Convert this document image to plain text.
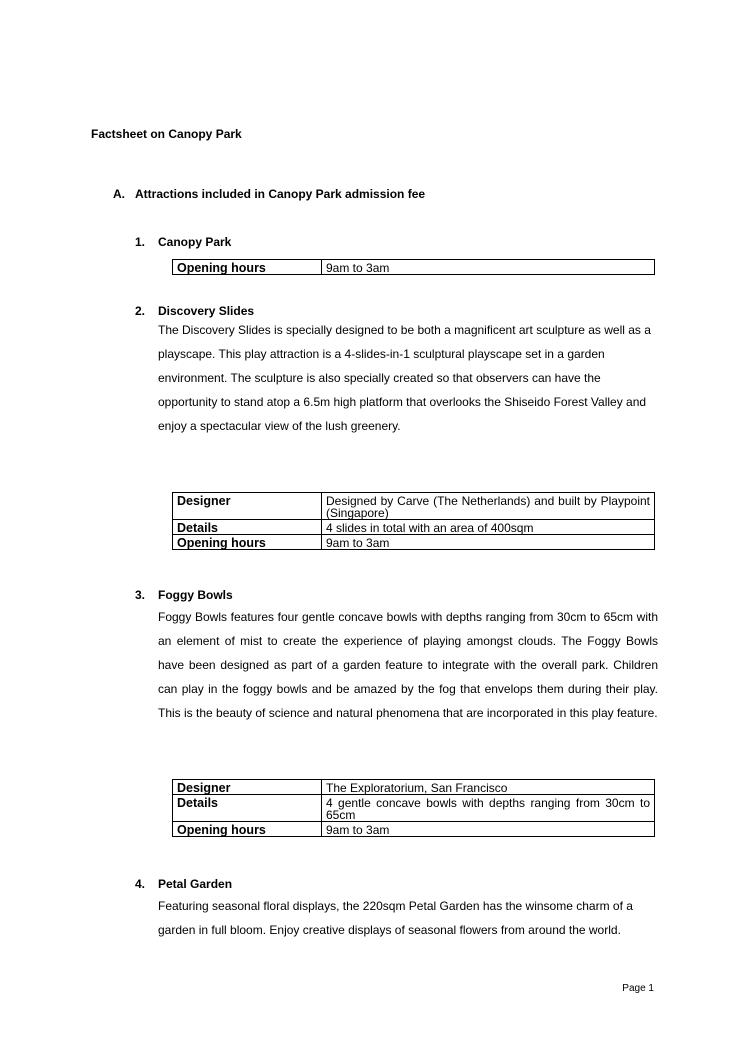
Factsheet on Canopy Park
A. Attractions included in Canopy Park admission fee
1. Canopy Park
Opening hours	9am to 3am
2. Discovery Slides
The Discovery Slides is specially designed to be both a magnificent art sculpture as well as a playscape. This play attraction is a 4-slides-in-1 sculptural playscape set in a garden environment. The sculpture is also specially created so that observers can have the opportunity to stand atop a 6.5m high platform that overlooks the Shiseido Forest Valley and enjoy a spectacular view of the lush greenery.
Designer	Designed by Carve (The Netherlands) and built by Playpoint (Singapore)
Details	4 slides in total with an area of 400sqm
Opening hours	9am to 3am
3. Foggy Bowls
Foggy Bowls features four gentle concave bowls with depths ranging from 30cm to 65cm with an element of mist to create the experience of playing amongst clouds. The Foggy Bowls have been designed as part of a garden feature to integrate with the overall park. Children can play in the foggy bowls and be amazed by the fog that envelops them during their play. This is the beauty of science and natural phenomena that are incorporated in this play feature.
Designer	The Exploratorium, San Francisco
Details	4 gentle concave bowls with depths ranging from 30cm to 65cm
Opening hours	9am to 3am
4. Petal Garden
Featuring seasonal floral displays, the 220sqm Petal Garden has the winsome charm of a garden in full bloom. Enjoy creative displays of seasonal flowers from around the world.
Page 1
